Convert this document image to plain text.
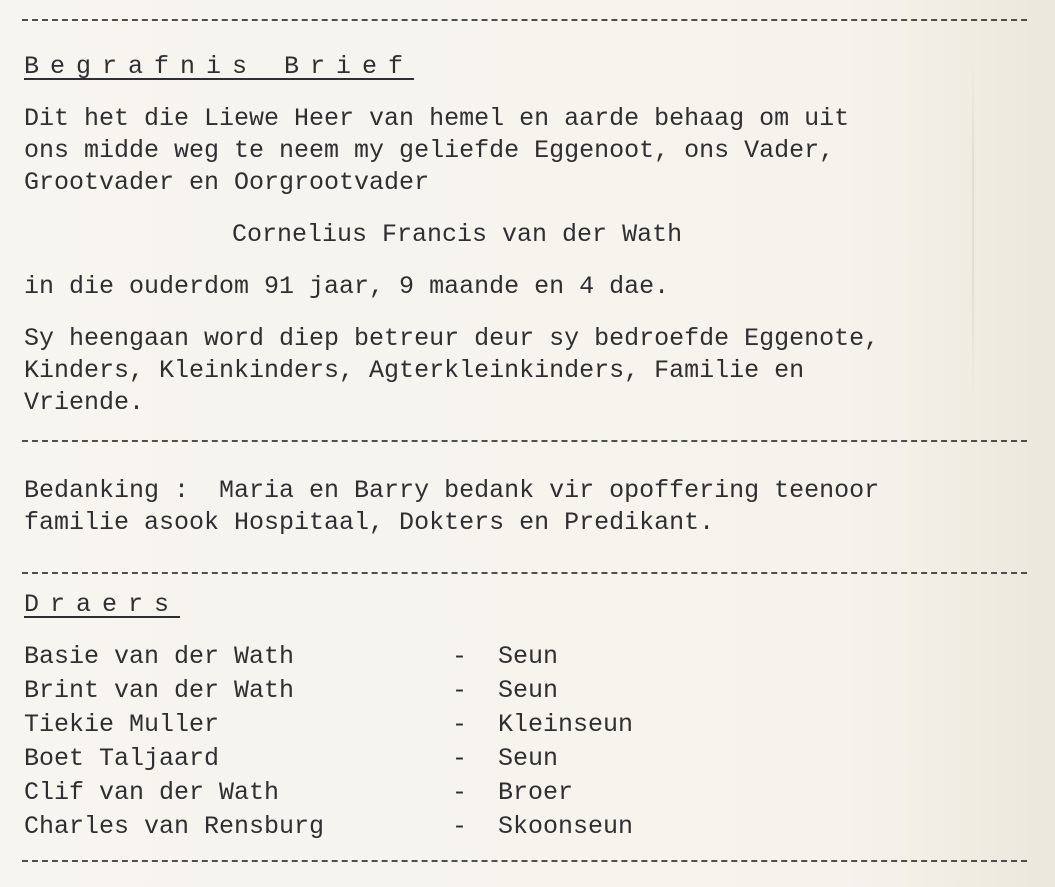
Begrafnis Brief
Dit het die Liewe Heer van hemel en aarde behaag om uit
ons midde weg te neem my geliefde Eggenoot, ons Vader,
Grootvader en Oorgrootvader
Cornelius Francis van der Wath
in die ouderdom 91 jaar, 9 maande en 4 dae.
Sy heengaan word diep betreur deur sy bedroefde Eggenote,
Kinders, Kleinkinders, Agterkleinkinders, Familie en
Vriende.
Bedanking :  Maria en Barry bedank vir opoffering teenoor
familie asook Hospitaal, Dokters en Predikant.
Draers
Basie van der Wath	- Seun
Brint van der Wath	- Seun
Tiekie Muller	- Kleinseun
Boet Taljaard	- Seun
Clif van der Wath	- Broer
Charles van Rensburg	- Skoonseun
